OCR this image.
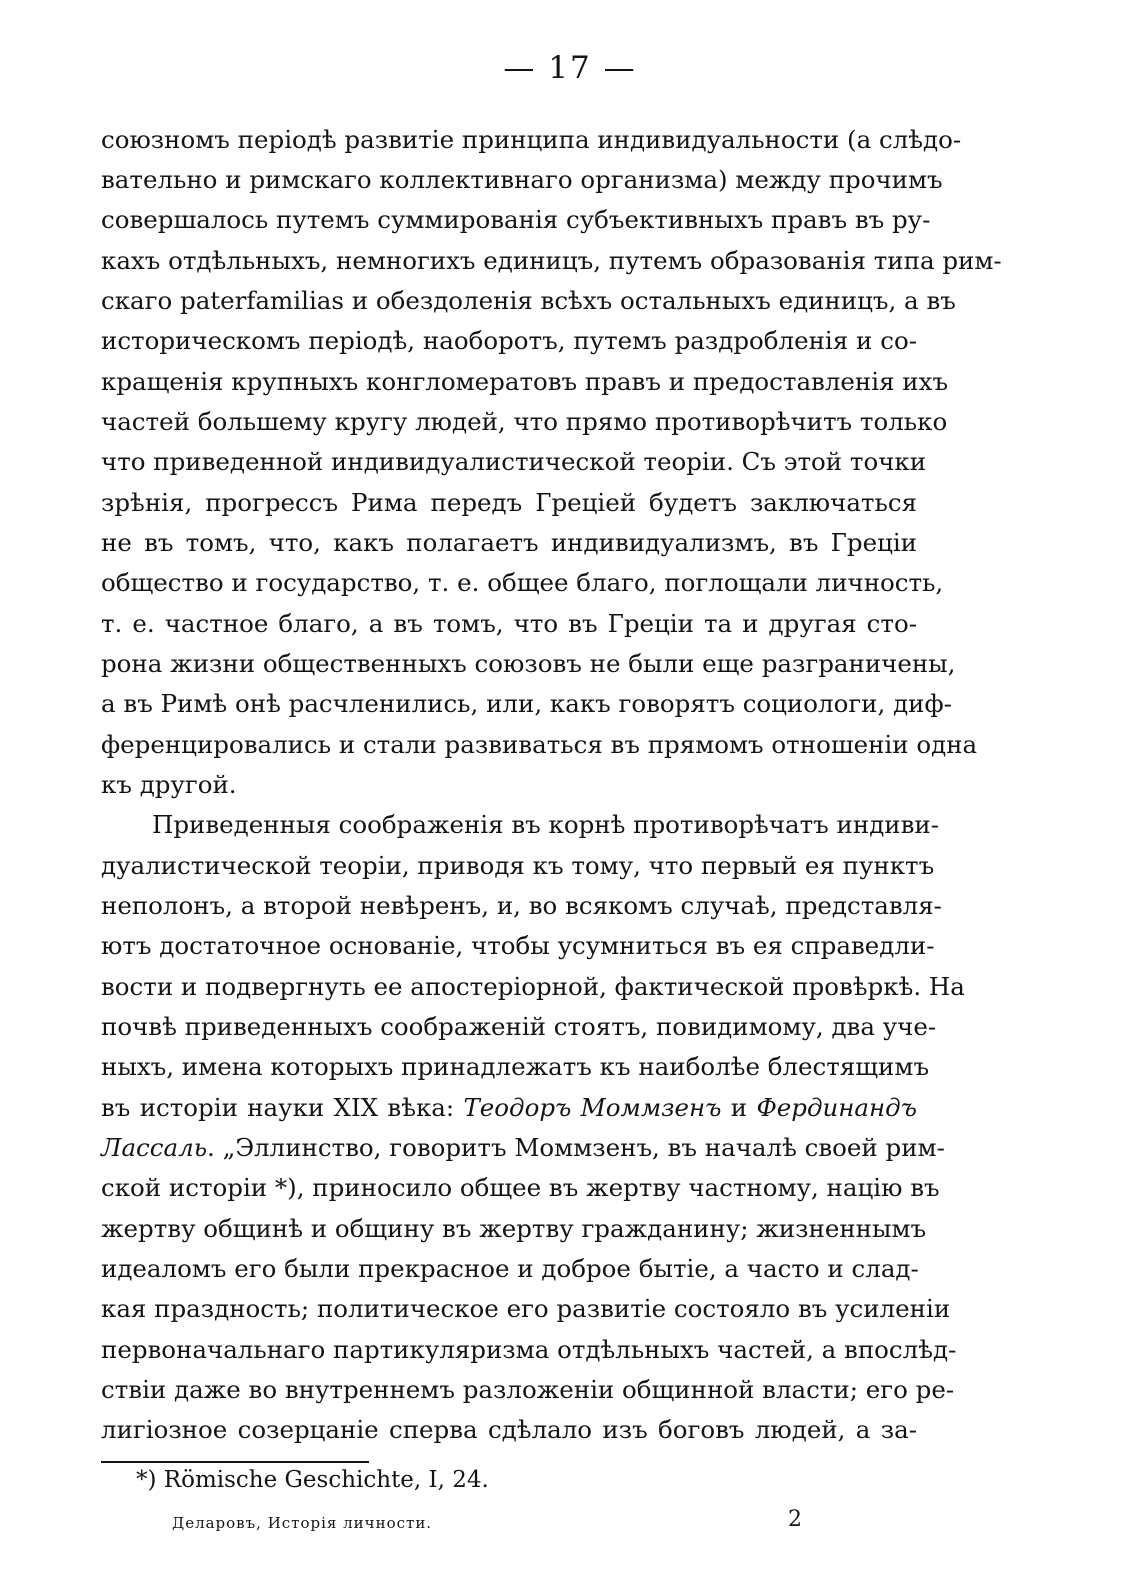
— 17 —
союзномъ періодѣ развитіе принципа индивидуальности (а слѣдо-
вательно и римскаго коллективнаго организма) между прочимъ
совершалось путемъ суммированія субъективныхъ правъ въ ру-
кахъ отдѣльныхъ, немногихъ единицъ, путемъ образованія типа рим-
скаго paterfamilias и обездоленія всѣхъ остальныхъ единицъ, а въ
историческомъ періодѣ, наоборотъ, путемъ раздробленія и со-
кращенія крупныхъ конгломератовъ правъ и предоставленія ихъ
частей большему кругу людей, что прямо противорѣчитъ только
что приведенной индивидуалистической теоріи. Съ этой точки
зрѣнія, прогрессъ Рима передъ Греціей будетъ заключаться
не въ томъ, что, какъ полагаетъ индивидуализмъ, въ Греціи
общество и государство, т. е. общее благо, поглощали личность,
т. е. частное благо, а въ томъ, что въ Греціи та и другая сто-
рона жизни общественныхъ союзовъ не были еще разграничены,
а въ Римѣ онѣ расчленились, или, какъ говорятъ социологи, диф-
ференцировались и стали развиваться въ прямомъ отношеніи одна
къ другой.
Приведенныя соображенія въ корнѣ противорѣчатъ индиви-
дуалистической теоріи, приводя къ тому, что первый ея пунктъ
неполонъ, а второй невѣренъ, и, во всякомъ случаѣ, представля-
ютъ достаточное основаніе, чтобы усумниться въ ея справедли-
вости и подвергнуть ее апостеріорной, фактической провѣркѣ. На
почвѣ приведенныхъ соображеній стоятъ, повидимому, два уче-
ныхъ, имена которыхъ принадлежатъ къ наиболѣе блестящимъ
въ исторіи науки XIX вѣка: Теодоръ Моммзенъ и Фердинандъ
Лассаль. „Эллинство, говоритъ Моммзенъ, въ началѣ своей рим-
ской исторіи *), приносило общее въ жертву частному, націю въ
жертву общинѣ и общину въ жертву гражданину; жизненнымъ
идеаломъ его были прекрасное и доброе бытіе, а часто и слад-
кая праздность; политическое его развитіе состояло въ усиленіи
первоначальнаго партикуляризма отдѣльныхъ частей, а впослѣд-
ствіи даже во внутреннемъ разложеніи общинной власти; его ре-
лигіозное созерцаніе сперва сдѣлало изъ боговъ людей, а за-
*) Römische Geschichte, I, 24.
Деларовъ, Исторія личности.	2
